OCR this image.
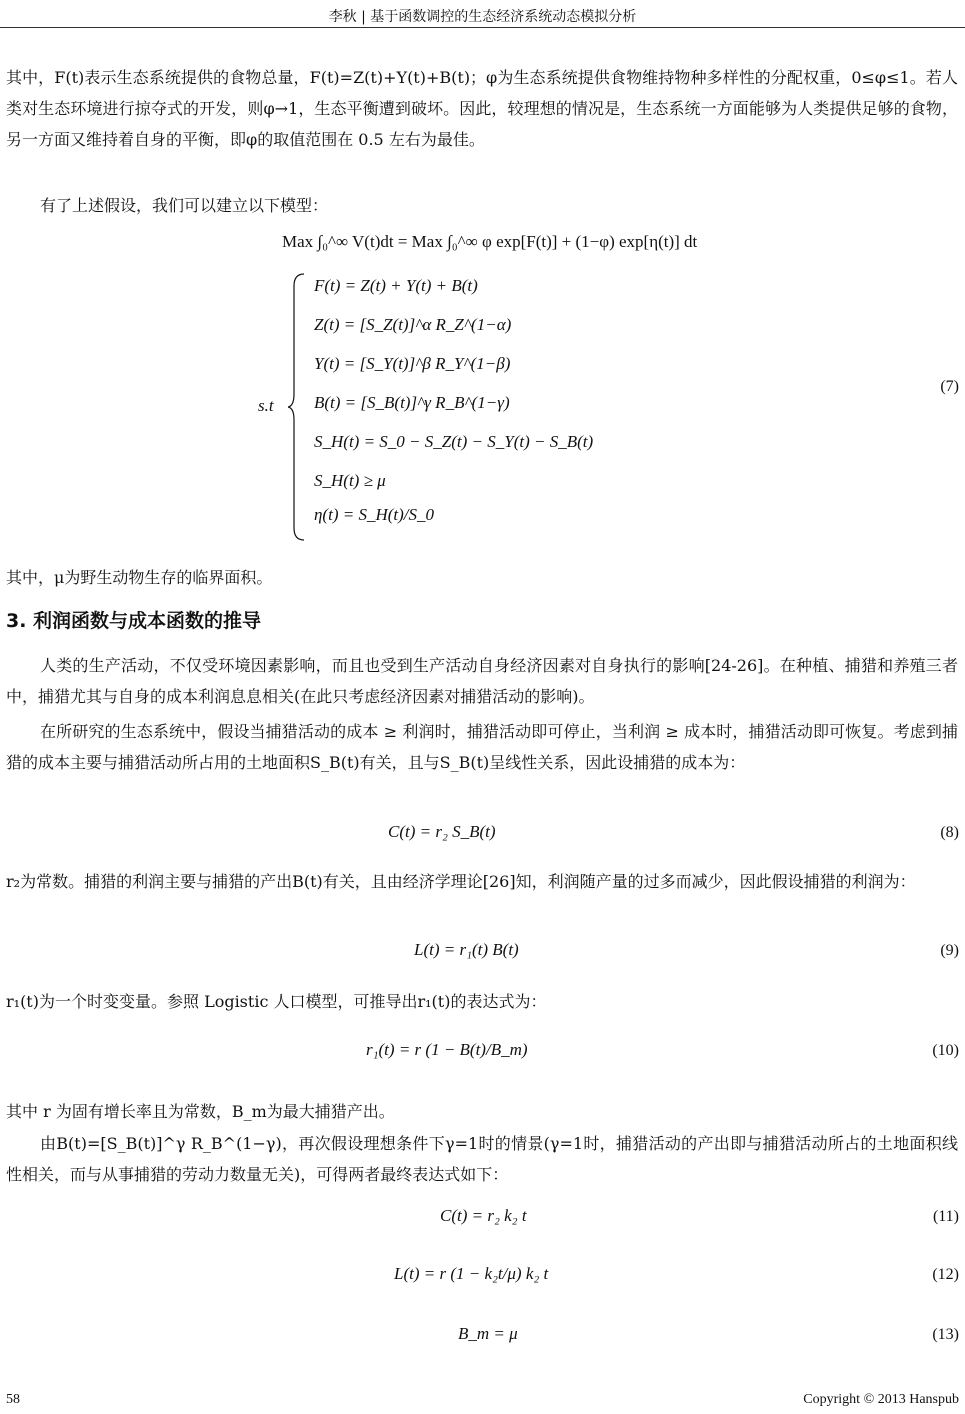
李秋 | 基于函数调控的生态经济系统动态模拟分析

其中，F(t)表示生态系统提供的食物总量，F(t)=Z(t)+Y(t)+B(t)；φ为生态系统提供食物维持物种多样性的分配权重，0≤φ≤1。若人类对生态环境进行掠夺式的开发，则φ→1，生态平衡遭到破坏。因此，较理想的情况是，生态系统一方面能够为人类提供足够的食物，另一方面又维持着自身的平衡，即φ的取值范围在 0.5 左右为最佳。

有了上述假设，我们可以建立以下模型：

Max ∫₀^∞ V(t)dt = Max ∫₀^∞ φ exp[F(t)] + (1−φ) exp[η(t)] dt
s.t
F(t) = Z(t) + Y(t) + B(t)
Z(t) = [S_Z(t)]^α R_Z^(1−α)
Y(t) = [S_Y(t)]^β R_Y^(1−β)
B(t) = [S_B(t)]^γ R_B^(1−γ)
S_H(t) = S_0 − S_Z(t) − S_Y(t) − S_B(t)
S_H(t) ≥ μ
η(t) = S_H(t)/S_0
(7)

其中，μ为野生动物生存的临界面积。

3. 利润函数与成本函数的推导

人类的生产活动，不仅受环境因素影响，而且也受到生产活动自身经济因素对自身执行的影响[24-26]。在种植、捕猎和养殖三者中，捕猎尤其与自身的成本利润息息相关(在此只考虑经济因素对捕猎活动的影响)。

在所研究的生态系统中，假设当捕猎活动的成本 ≥ 利润时，捕猎活动即可停止，当利润 ≥ 成本时，捕猎活动即可恢复。考虑到捕猎的成本主要与捕猎活动所占用的土地面积S_B(t)有关，且与S_B(t)呈线性关系，因此设捕猎的成本为：

C(t) = r₂ S_B(t)	(8)

r₂为常数。捕猎的利润主要与捕猎的产出B(t)有关，且由经济学理论[26]知，利润随产量的过多而减少，因此假设捕猎的利润为：

L(t) = r₁(t) B(t)	(9)

r₁(t)为一个时变变量。参照 Logistic 人口模型，可推导出r₁(t)的表达式为：

r₁(t) = r (1 − B(t)/B_m)	(10)

其中 r 为固有增长率且为常数，B_m为最大捕猎产出。

由B(t)=[S_B(t)]^γ R_B^(1−γ)，再次假设理想条件下γ=1时的情景(γ=1时，捕猎活动的产出即与捕猎活动所占的土地面积线性相关，而与从事捕猎的劳动力数量无关)，可得两者最终表达式如下：

C(t) = r₂ k₂ t	(11)
L(t) = r (1 − k₂t/μ) k₂ t	(12)
B_m = μ	(13)
58	Copyright © 2013 Hanspub
